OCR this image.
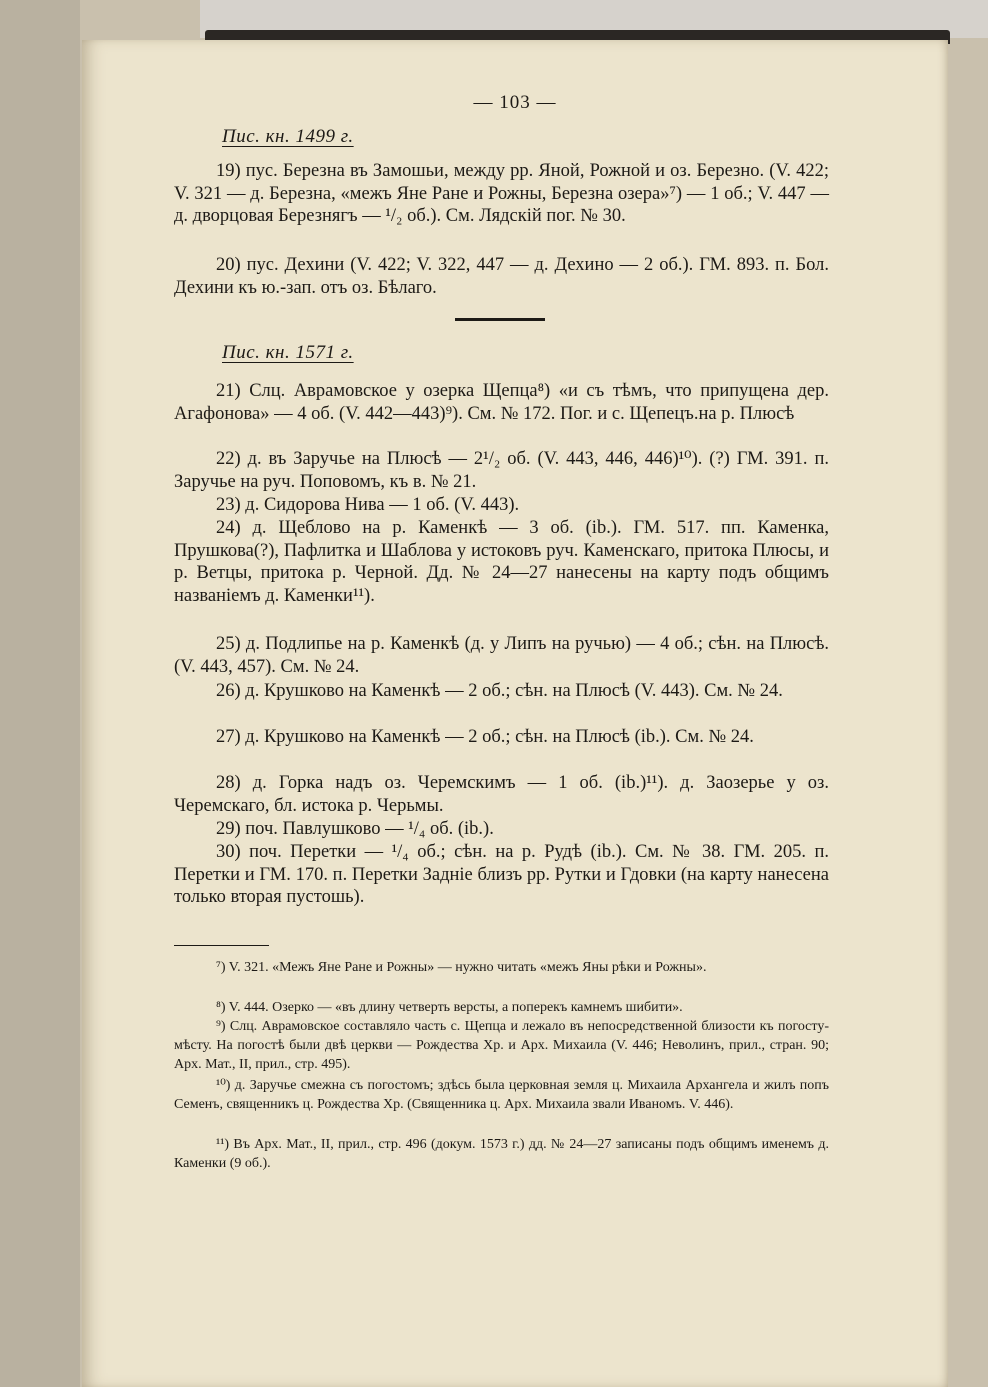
— 103 —
Пис. кн. 1499 г.
19) пус. Березна въ Замошьи, между рр. Яной, Рожной и оз. Березно. (V. 422; V. 321 — д. Березна, «межъ Яне Ране и Рожны, Березна озера»⁷) — 1 об.; V. 447 — д. дворцовая Березнягъ — ¹/₂ об.). См. Лядскій пог. № 30.
20) пус. Дехини (V. 422; V. 322, 447 — д. Дехино — 2 об.). ГМ. 893. п. Бол. Дехини къ ю.-зап. отъ оз. Бѣлаго.
Пис. кн. 1571 г.
21) Слц. Аврамовское у озерка Щепца⁸) «и съ тѣмъ, что припущена дер. Агафонова» — 4 об. (V. 442—443)⁹). См. № 172. Пог. и с. Щепецъ.на р. Плюсѣ
22) д. въ Заручье на Плюсѣ — 2¹/₂ об. (V. 443, 446, 446)¹⁰). (?) ГМ. 391. п. Заручье на руч. Поповомъ, къ в. № 21.
23) д. Сидорова Нива — 1 об. (V. 443).
24) д. Щеблово на р. Каменкѣ — 3 об. (ib.). ГМ. 517. пп. Каменка, Прушкова(?), Пафлитка и Шаблова у истоковъ руч. Каменскаго, притока Плюсы, и р. Ветцы, притока р. Черной. Дд. № 24—27 нанесены на карту подъ общимъ названіемъ д. Каменки¹¹).
25) д. Подлипье на р. Каменкѣ (д. у Липъ на ручью) — 4 об.; сѣн. на Плюсѣ. (V. 443, 457). См. № 24.
26) д. Крушково на Каменкѣ — 2 об.; сѣн. на Плюсѣ (V. 443). См. № 24.
27) д. Крушково на Каменкѣ — 2 об.; сѣн. на Плюсѣ (ib.). См. № 24.
28) д. Горка надъ оз. Черемскимъ — 1 об. (ib.)¹¹). д. Заозерье у оз. Черемскаго, бл. истока р. Черьмы.
29) поч. Павлушково — ¹/₄ об. (ib.).
30) поч. Перетки — ¹/₄ об.; сѣн. на р. Рудѣ (ib.). См. № 38. ГМ. 205. п. Перетки и ГМ. 170. п. Перетки Задніе близъ рр. Рутки и Гдовки (на карту нанесена только вторая пустошь).
⁷) V. 321. «Межъ Яне Ране и Рожны» — нужно читать «межъ Яны рѣки и Рожны».
⁸) V. 444. Озерко — «въ длину четверть версты, а поперекъ камнемъ шибити».
⁹) Слц. Аврамовское составляло часть с. Щепца и лежало въ непосредственной близости къ погосту-мѣсту. На погостѣ были двѣ церкви — Рождества Хр. и Арх. Михаила (V. 446; Неволинъ, прил., стран. 90; Арх. Мат., II, прил., стр. 495).
¹⁰) д. Заручье смежна съ погостомъ; здѣсь была церковная земля ц. Михаила Архангела и жилъ попъ Семенъ, священникъ ц. Рождества Хр. (Священника ц. Арх. Михаила звали Иваномъ. V. 446).
¹¹) Въ Арх. Мат., II, прил., стр. 496 (докум. 1573 г.) дд. № 24—27 записаны подъ общимъ именемъ д. Каменки (9 об.).
